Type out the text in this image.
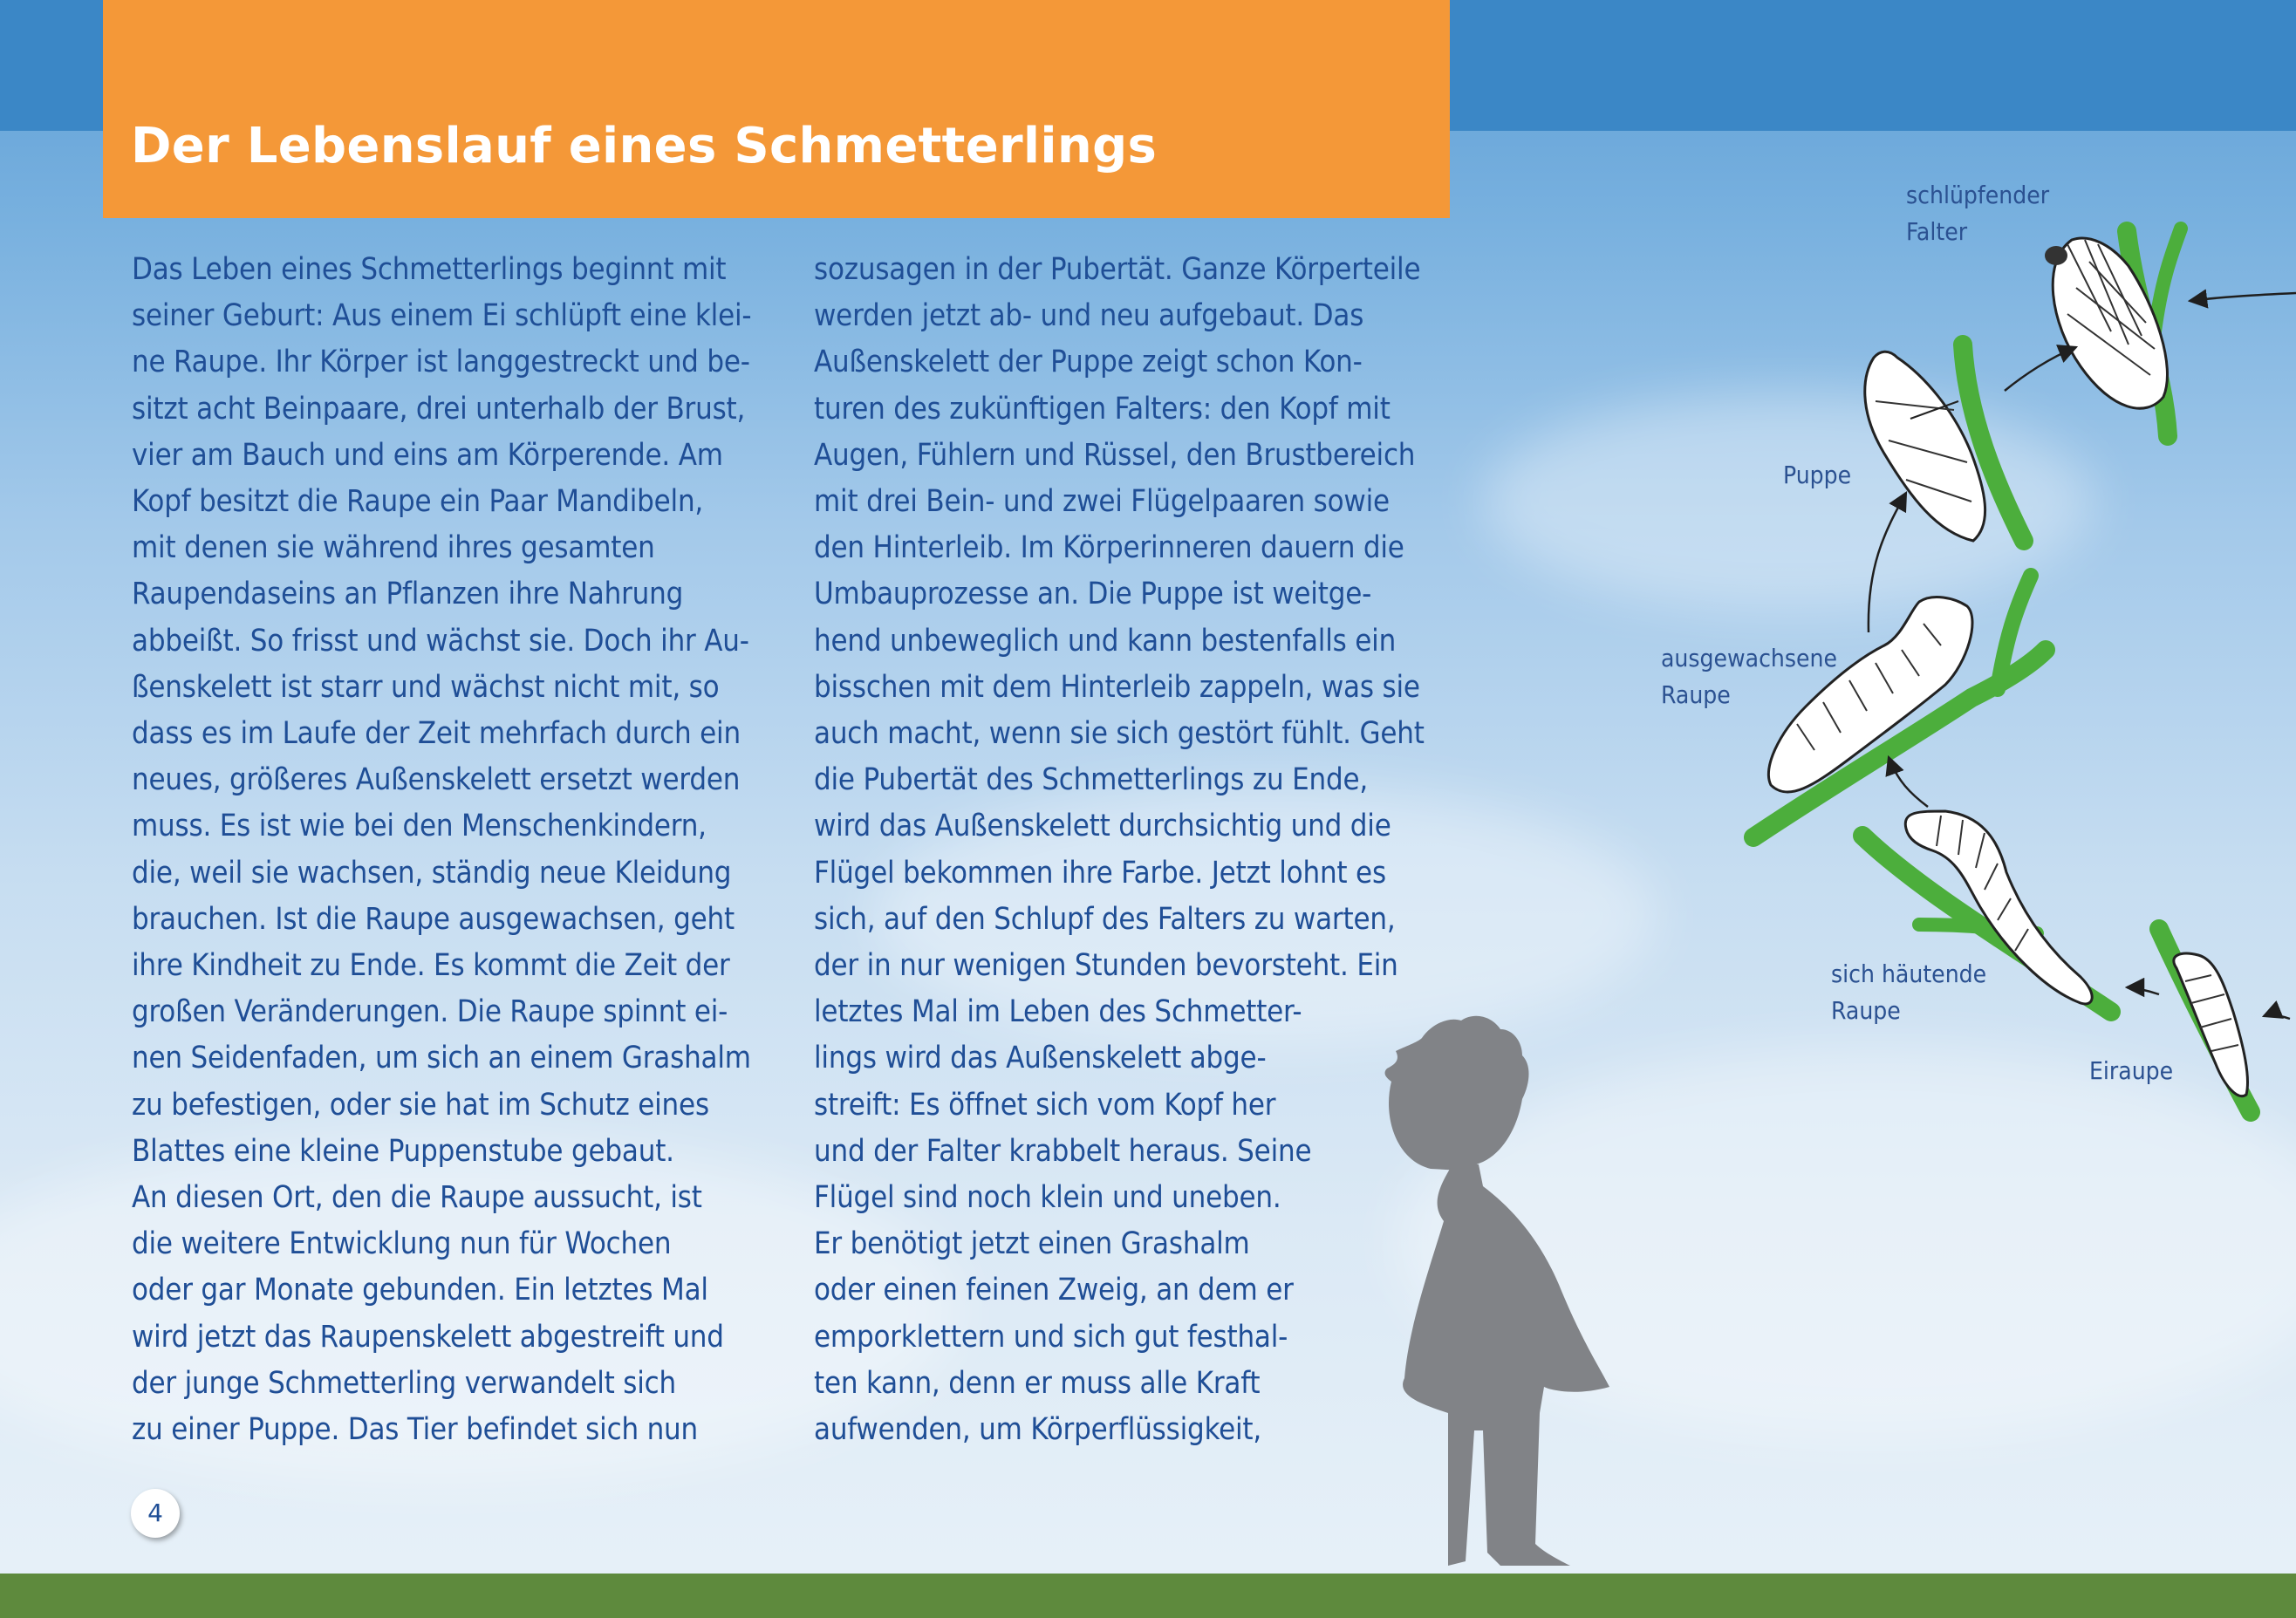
Der Lebenslauf eines Schmetterlings
Das Leben eines Schmetterlings beginnt mit
seiner Geburt: Aus einem Ei schlüpft eine klei-
ne Raupe. Ihr Körper ist langgestreckt und be-
sitzt acht Beinpaare, drei unterhalb der Brust,
vier am Bauch und eins am Körperende. Am
Kopf besitzt die Raupe ein Paar Mandibeln,
mit denen sie während ihres gesamten
Raupendaseins an Pflanzen ihre Nahrung
abbeißt. So frisst und wächst sie. Doch ihr Au-
ßenskelett ist starr und wächst nicht mit, so
dass es im Laufe der Zeit mehrfach durch ein
neues, größeres Außenskelett ersetzt werden
muss. Es ist wie bei den Menschenkindern,
die, weil sie wachsen, ständig neue Kleidung
brauchen. Ist die Raupe ausgewachsen, geht
ihre Kindheit zu Ende. Es kommt die Zeit der
großen Veränderungen. Die Raupe spinnt ei-
nen Seidenfaden, um sich an einem Grashalm
zu befestigen, oder sie hat im Schutz eines
Blattes eine kleine Puppenstube gebaut.
An diesen Ort, den die Raupe aussucht, ist
die weitere Entwicklung nun für Wochen
oder gar Monate gebunden. Ein letztes Mal
wird jetzt das Raupenskelett abgestreift und
der junge Schmetterling verwandelt sich
zu einer Puppe. Das Tier befindet sich nun
sozusagen in der Pubertät. Ganze Körperteile
werden jetzt ab- und neu aufgebaut. Das
Außenskelett der Puppe zeigt schon Kon-
turen des zukünftigen Falters: den Kopf mit
Augen, Fühlern und Rüssel, den Brustbereich
mit drei Bein- und zwei Flügelpaaren sowie
den Hinterleib. Im Körperinneren dauern die
Umbauprozesse an. Die Puppe ist weitge-
hend unbeweglich und kann bestenfalls ein
bisschen mit dem Hinterleib zappeln, was sie
auch macht, wenn sie sich gestört fühlt. Geht
die Pubertät des Schmetterlings zu Ende,
wird das Außenskelett durchsichtig und die
Flügel bekommen ihre Farbe. Jetzt lohnt es
sich, auf den Schlupf des Falters zu warten,
der in nur wenigen Stunden bevorsteht. Ein
letztes Mal im Leben des Schmetter-
lings wird das Außenskelett abge-
streift: Es öffnet sich vom Kopf her
und der Falter krabbelt heraus. Seine
Flügel sind noch klein und uneben.
Er benötigt jetzt einen Grashalm
oder einen feinen Zweig, an dem er
emporklettern und sich gut festhal-
ten kann, denn er muss alle Kraft
aufwenden, um Körperflüssigkeit,
schlüpfender
Falter
Puppe
ausgewachsene
Raupe
sich häutende
Raupe
Eiraupe
4
